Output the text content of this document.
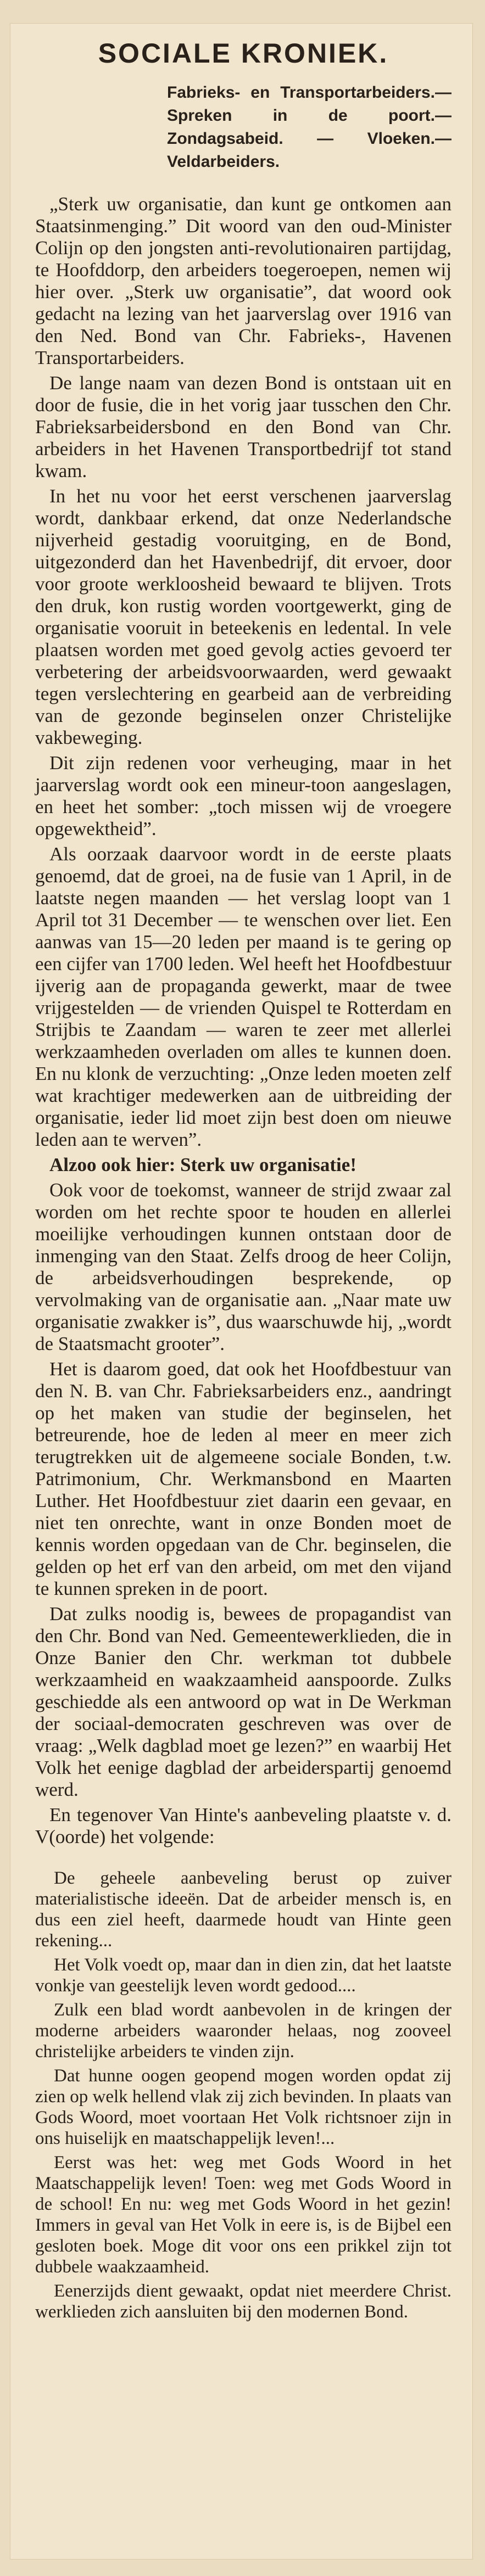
SOCIALE KRONIEK.
Fabrieks- en Transportarbeiders.— Spreken in de poort.— Zondagsabeid. — Vloeken.— Veldarbeiders.

„Sterk uw organisatie, dan kunt ge ontkomen aan Staatsinmenging.” Dit woord van den oud-Minister Colijn op den jongsten anti-revolutionairen partijdag, te Hoofddorp, den arbeiders toegeroepen, nemen wij hier over. „Sterk uw organisatie”, dat woord ook gedacht na lezing van het jaarverslag over 1916 van den Ned. Bond van Chr. Fabrieks-, Havenen Transportarbeiders.

De lange naam van dezen Bond is ontstaan uit en door de fusie, die in het vorig jaar tusschen den Chr. Fabrieksarbeidersbond en den Bond van Chr. arbeiders in het Havenen Transportbedrijf tot stand kwam.

In het nu voor het eerst verschenen jaarverslag wordt, dankbaar erkend, dat onze Nederlandsche nijverheid gestadig vooruitging, en de Bond, uitgezonderd dan het Havenbedrijf, dit ervoer, door voor groote werkloosheid bewaard te blijven. Trots den druk, kon rustig worden voortgewerkt, ging de organisatie vooruit in beteekenis en ledental. In vele plaatsen worden met goed gevolg acties gevoerd ter verbetering der arbeidsvoorwaarden, werd gewaakt tegen verslechtering en gearbeid aan de verbreiding van de gezonde beginselen onzer Christelijke vakbeweging.

Dit zijn redenen voor verheuging, maar in het jaarverslag wordt ook een mineur-toon aangeslagen, en heet het somber: „toch missen wij de vroegere opgewektheid”.

Als oorzaak daarvoor wordt in de eerste plaats genoemd, dat de groei, na de fusie van 1 April, in de laatste negen maanden — het verslag loopt van 1 April tot 31 December — te wenschen over liet. Een aanwas van 15—20 leden per maand is te gering op een cijfer van 1700 leden. Wel heeft het Hoofdbestuur ijverig aan de propaganda gewerkt, maar de twee vrijgestelden — de vrienden Quispel te Rotterdam en Strijbis te Zaandam — waren te zeer met allerlei werkzaamheden overladen om alles te kunnen doen. En nu klonk de verzuchting: „Onze leden moeten zelf wat krachtiger medewerken aan de uitbreiding der organisatie, ieder lid moet zijn best doen om nieuwe leden aan te werven”.

Alzoo ook hier: Sterk uw organisatie!

Ook voor de toekomst, wanneer de strijd zwaar zal worden om het rechte spoor te houden en allerlei moeilijke verhoudingen kunnen ontstaan door de inmenging van den Staat. Zelfs droog de heer Colijn, de arbeidsverhoudingen besprekende, op vervolmaking van de organisatie aan. „Naar mate uw organisatie zwakker is”, dus waarschuwde hij, „wordt de Staatsmacht grooter”.

Het is daarom goed, dat ook het Hoofdbestuur van den N. B. van Chr. Fabrieksarbeiders enz., aandringt op het maken van studie der beginselen, het betreurende, hoe de leden al meer en meer zich terugtrekken uit de algemeene sociale Bonden, t.w. Patrimonium, Chr. Werkmansbond en Maarten Luther. Het Hoofdbestuur ziet daarin een gevaar, en niet ten onrechte, want in onze Bonden moet de kennis worden opgedaan van de Chr. beginselen, die gelden op het erf van den arbeid, om met den vijand te kunnen spreken in de poort.

Dat zulks noodig is, bewees de propagandist van den Chr. Bond van Ned. Gemeentewerklieden, die in Onze Banier den Chr. werkman tot dubbele werkzaamheid en waakzaamheid aanspoorde. Zulks geschiedde als een antwoord op wat in De Werkman der sociaal-democraten geschreven was over de vraag: „Welk dagblad moet ge lezen?” en waarbij Het Volk het eenige dagblad der arbeiderspartij genoemd werd.

En tegenover Van Hinte's aanbeveling plaatste v. d. V(oorde) het volgende:

De geheele aanbeveling berust op zuiver materialistische ideeën. Dat de arbeider mensch is, en dus een ziel heeft, daarmede houdt van Hinte geen rekening...

Het Volk voedt op, maar dan in dien zin, dat het laatste vonkje van geestelijk leven wordt gedood....

Zulk een blad wordt aanbevolen in de kringen der moderne arbeiders waaronder helaas, nog zooveel christelijke arbeiders te vinden zijn.

Dat hunne oogen geopend mogen worden opdat zij zien op welk hellend vlak zij zich bevinden. In plaats van Gods Woord, moet voortaan Het Volk richtsnoer zijn in ons huiselijk en maatschappelijk leven!...

Eerst was het: weg met Gods Woord in het Maatschappelijk leven! Toen: weg met Gods Woord in de school! En nu: weg met Gods Woord in het gezin! Immers in geval van Het Volk in eere is, is de Bijbel een gesloten boek. Moge dit voor ons een prikkel zijn tot dubbele waakzaamheid.

Eenerzijds dient gewaakt, opdat niet meerdere Christ. werklieden zich aansluiten bij den modernen Bond.
